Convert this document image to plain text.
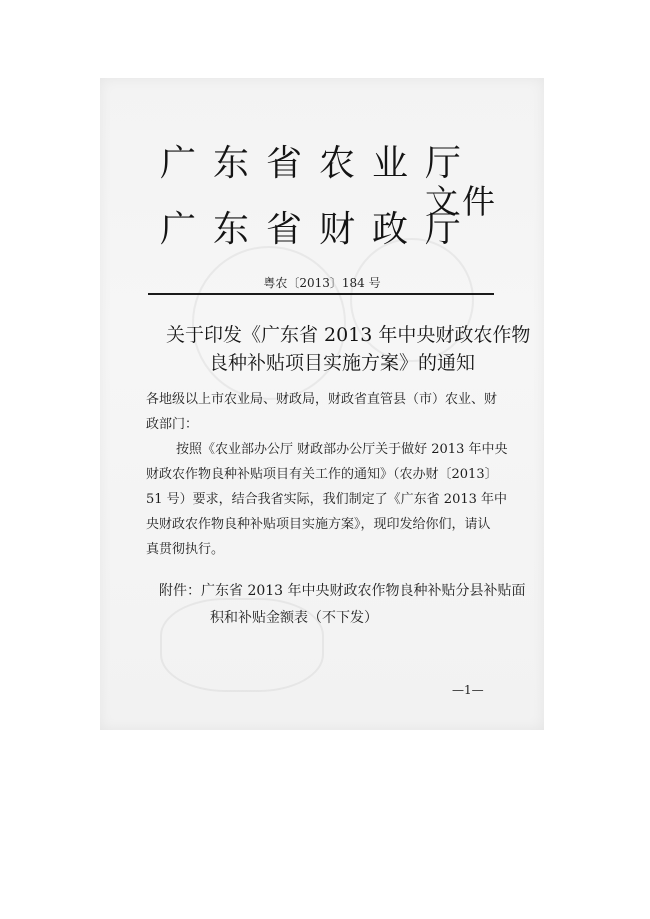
广东省农业厅
广东省财政厅
文件
粤农〔2013〕184 号
关于印发《广东省 2013 年中央财政农作物
良种补贴项目实施方案》的通知
各地级以上市农业局、财政局，财政省直管县（市）农业、财
政部门：
按照《农业部办公厅 财政部办公厅关于做好 2013 年中央
财政农作物良种补贴项目有关工作的通知》（农办财〔2013〕
51 号）要求，结合我省实际，我们制定了《广东省 2013 年中
央财政农作物良种补贴项目实施方案》，现印发给你们，请认
真贯彻执行。
附件：广东省 2013 年中央财政农作物良种补贴分县补贴面
积和补贴金额表（不下发）
—1—
